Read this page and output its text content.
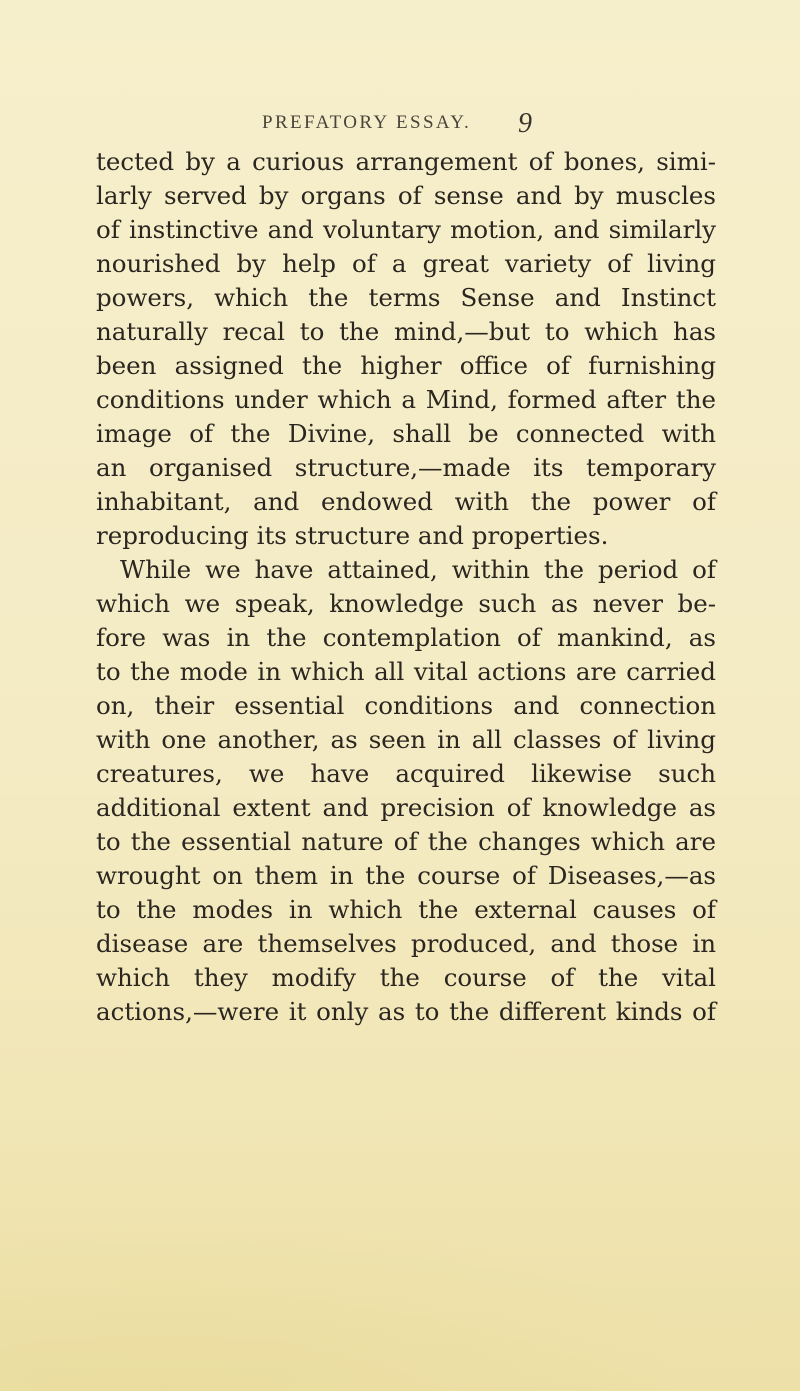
PREFATORY ESSAY. 9
tected by a curious arrangement of bones, simi-
larly served by organs of sense and by muscles
of instinctive and voluntary motion, and similarly
nourished by help of a great variety of living
powers, which the terms Sense and Instinct
naturally recal to the mind,—but to which has
been assigned the higher office of furnishing
conditions under which a Mind, formed after the
image of the Divine, shall be connected with
an organised structure,—made its temporary
inhabitant, and endowed with the power of
reproducing its structure and properties.
While we have attained, within the period of
which we speak, knowledge such as never be-
fore was in the contemplation of mankind, as
to the mode in which all vital actions are carried
on, their essential conditions and connection
with one another, as seen in all classes of living
creatures, we have acquired likewise such
additional extent and precision of knowledge as
to the essential nature of the changes which are
wrought on them in the course of Diseases,—as
to the modes in which the external causes of
disease are themselves produced, and those in
which they modify the course of the vital
actions,—were it only as to the different kinds of
